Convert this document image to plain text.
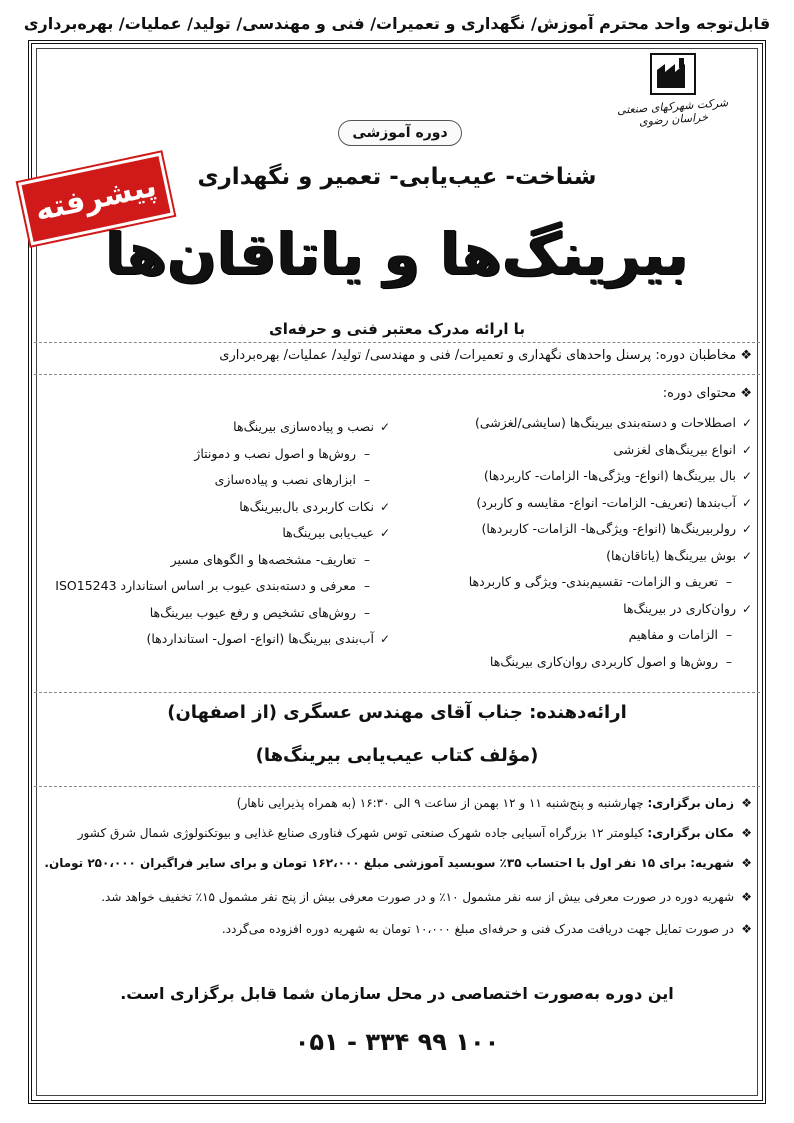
قابل‌توجه واحد محترم آموزش/ نگهداری و تعمیرات/ فنی و مهندسی/ تولید/ عملیات/ بهره‌برداری
شرکت شهرکهای صنعتی خراسان رضوی
دوره آموزشی
شناخت- عیب‌یابی- تعمیر و نگهداری
پیشرفته
بیرینگ‌ها و یاتاقان‌ها
با ارائه مدرک معتبر فنی و حرفه‌ای
❖ مخاطبان دوره: پرسنل واحدهای نگهداری و تعمیرات/ فنی و مهندسی/ تولید/ عملیات/ بهره‌برداری
❖ محتوای دوره:
✓اصطلاحات و دسته‌بندی بیرینگ‌ها (سایشی/لغزشی)
✓انواع بیرینگ‌های لغزشی
✓بال بیرینگ‌ها (انواع- ویژگی‌ها- الزامات- کاربردها)
✓آب‌بندها (تعریف- الزامات- انواع- مقایسه و کاربرد)
✓رولربیرینگ‌ها (انواع- ویژگی‌ها- الزامات- کاربردها)
✓بوش بیرینگ‌ها (یاتاقان‌ها)
–تعریف و الزامات- تقسیم‌بندی- ویژگی و کاربردها
✓روان‌کاری در بیرینگ‌ها
–الزامات و مفاهیم
–روش‌ها و اصول کاربردی روان‌کاری بیرینگ‌ها
✓نصب و پیاده‌سازی بیرینگ‌ها
–روش‌ها و اصول نصب و دمونتاژ
–ابزارهای نصب و پیاده‌سازی
✓نکات کاربردی بال‌بیرینگ‌ها
✓عیب‌یابی بیرینگ‌ها
–تعاریف- مشخصه‌ها و الگوهای مسیر
–معرفی و دسته‌بندی عیوب بر اساس استاندارد ISO15243
–روش‌های تشخیص و رفع عیوب بیرینگ‌ها
✓آب‌بندی بیرینگ‌ها (انواع- اصول- استانداردها)
ارائه‌دهنده: جناب آقای مهندس عسگری (از اصفهان)
(مؤلف کتاب عیب‌یابی بیرینگ‌ها)
❖زمان برگزاری: چهارشنبه و پنج‌شنبه ۱۱ و ۱۲ بهمن از ساعت ۹ الی ۱۶:۳۰ (به همراه پذیرایی ناهار)
❖مکان برگزاری: کیلومتر ۱۲ بزرگراه آسیایی جاده شهرک صنعتی توس شهرک فناوری صنایع غذایی و بیوتکنولوژی شمال شرق کشور
❖شهریه: برای ۱۵ نفر اول با احتساب ۳۵٪ سوبسید آموزشی مبلغ ۱۶۲،۰۰۰ تومان و برای سایر فراگیران ۲۵۰،۰۰۰ تومان.
❖شهریه دوره در صورت معرفی بیش از سه نفر مشمول ۱۰٪ و در صورت معرفی بیش از پنج نفر مشمول ۱۵٪ تخفیف خواهد شد.
❖در صورت تمایل جهت دریافت مدرک فنی و حرفه‌ای مبلغ ۱۰،۰۰۰ تومان به شهریه دوره افزوده می‌گردد.
این دوره به‌صورت اختصاصی در محل سازمان شما قابل برگزاری است.
۰۵۱ - ۳۳۴ ۹۹ ۱۰۰
